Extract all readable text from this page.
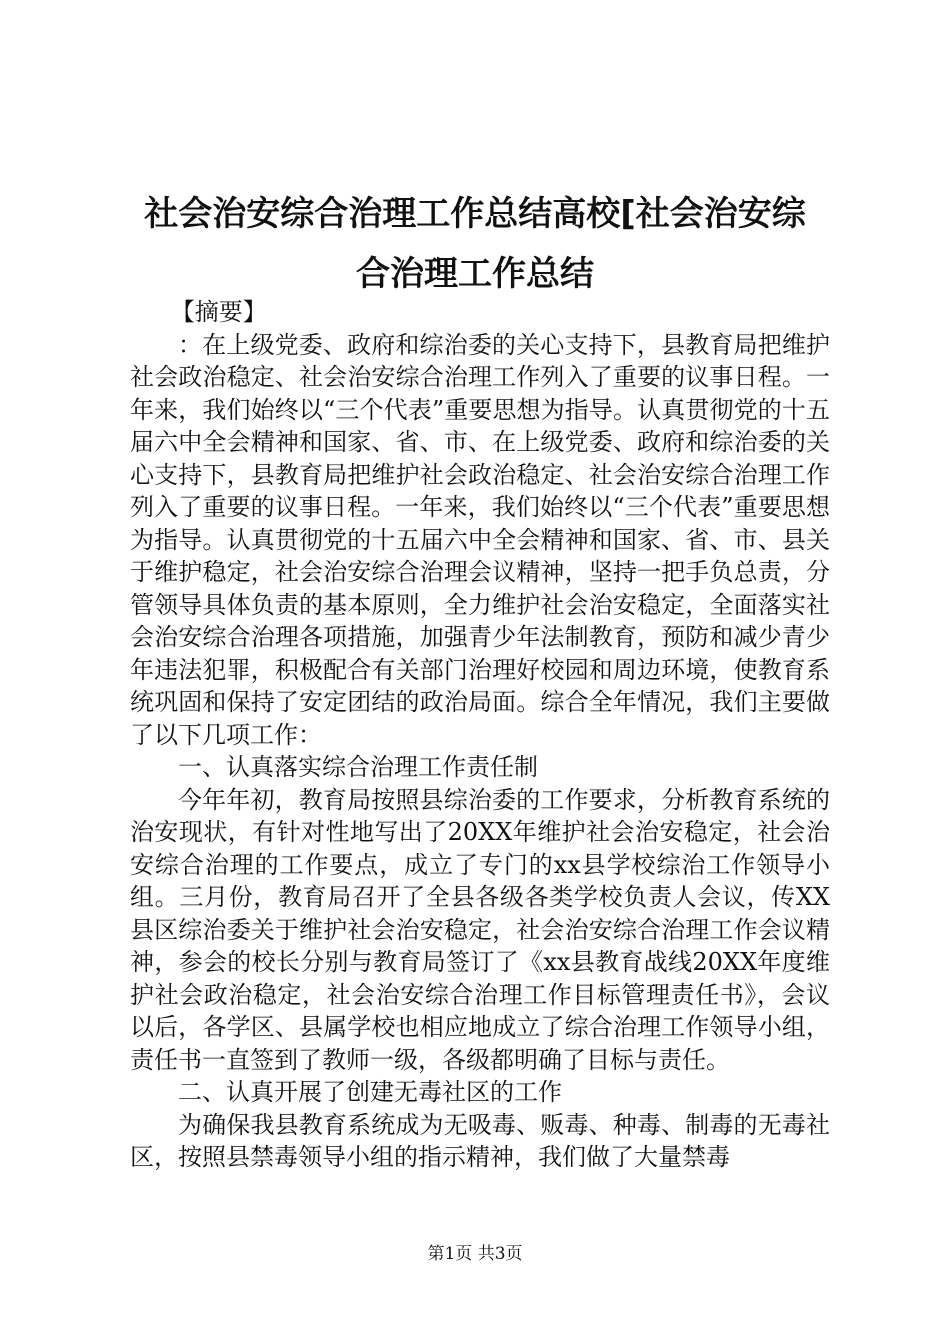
社会治安综合治理工作总结高校[社会治安综
合治理工作总结

【摘要】

：在上级党委、政府和综治委的关心支持下，县教育局把维护社会政治稳定、社会治安综合治理工作列入了重要的议事日程。一年来，我们始终以“三个代表”重要思想为指导。认真贯彻党的十五届六中全会精神和国家、省、市、在上级党委、政府和综治委的关心支持下，县教育局把维护社会政治稳定、社会治安综合治理工作列入了重要的议事日程。一年来，我们始终以“三个代表”重要思想为指导。认真贯彻党的十五届六中全会精神和国家、省、市、县关于维护稳定，社会治安综合治理会议精神，坚持一把手负总责，分管领导具体负责的基本原则，全力维护社会治安稳定，全面落实社会治安综合治理各项措施，加强青少年法制教育，预防和减少青少年违法犯罪，积极配合有关部门治理好校园和周边环境，使教育系统巩固和保持了安定团结的政治局面。综合全年情况，我们主要做了以下几项工作：

一、认真落实综合治理工作责任制

今年年初，教育局按照县综治委的工作要求，分析教育系统的治安现状，有针对性地写出了20XX年维护社会治安稳定，社会治安综合治理的工作要点，成立了专门的xx县学校综治工作领导小组。三月份，教育局召开了全县各级各类学校负责人会议，传XX县区综治委关于维护社会治安稳定，社会治安综合治理工作会议精神，参会的校长分别与教育局签订了《xx县教育战线20XX年度维护社会政治稳定，社会治安综合治理工作目标管理责任书》，会议以后，各学区、县属学校也相应地成立了综合治理工作领导小组，责任书一直签到了教师一级，各级都明确了目标与责任。

二、认真开展了创建无毒社区的工作

为确保我县教育系统成为无吸毒、贩毒、种毒、制毒的无毒社区，按照县禁毒领导小组的指示精神，我们做了大量禁毒

第1页 共3页
